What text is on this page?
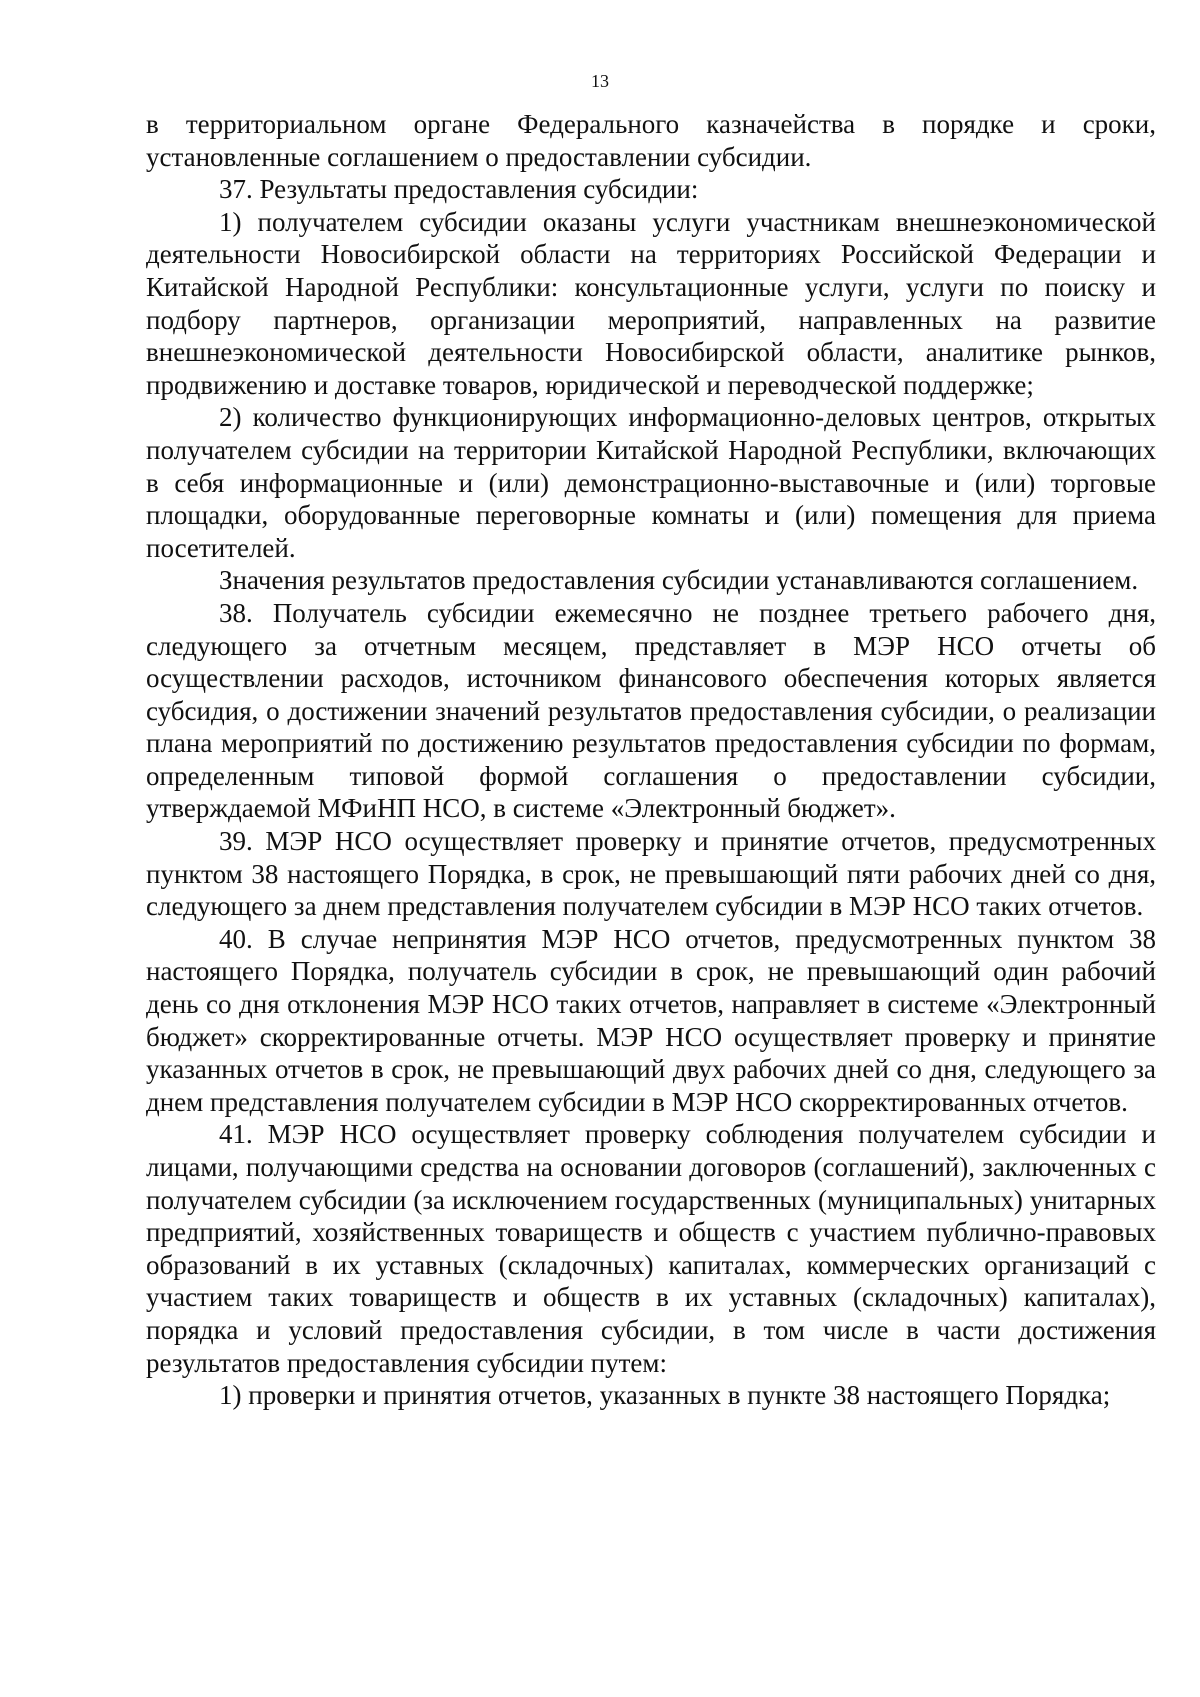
13

в территориальном органе Федерального казначейства в порядке и сроки, установленные соглашением о предоставлении субсидии.

37. Результаты предоставления субсидии:

1) получателем субсидии оказаны услуги участникам внешнеэкономической деятельности Новосибирской области на территориях Российской Федерации и Китайской Народной Республики: консультационные услуги, услуги по поиску и подбору партнеров, организации мероприятий, направленных на развитие внешнеэкономической деятельности Новосибирской области, аналитике рынков, продвижению и доставке товаров, юридической и переводческой поддержке;

2) количество функционирующих информационно-деловых центров, открытых получателем субсидии на территории Китайской Народной Республики, включающих в себя информационные и (или) демонстрационно-выставочные и (или) торговые площадки, оборудованные переговорные комнаты и (или) помещения для приема посетителей.

Значения результатов предоставления субсидии устанавливаются соглашением.

38. Получатель субсидии ежемесячно не позднее третьего рабочего дня, следующего за отчетным месяцем, представляет в МЭР НСО отчеты об осуществлении расходов, источником финансового обеспечения которых является субсидия, о достижении значений результатов предоставления субсидии, о реализации плана мероприятий по достижению результатов предоставления субсидии по формам, определенным типовой формой соглашения о предоставлении субсидии, утверждаемой МФиНП НСО, в системе «Электронный бюджет».

39. МЭР НСО осуществляет проверку и принятие отчетов, предусмотренных пунктом 38 настоящего Порядка, в срок, не превышающий пяти рабочих дней со дня, следующего за днем представления получателем субсидии в МЭР НСО таких отчетов.

40. В случае непринятия МЭР НСО отчетов, предусмотренных пунктом 38 настоящего Порядка, получатель субсидии в срок, не превышающий один рабочий день со дня отклонения МЭР НСО таких отчетов, направляет в системе «Электронный бюджет» скорректированные отчеты. МЭР НСО осуществляет проверку и принятие указанных отчетов в срок, не превышающий двух рабочих дней со дня, следующего за днем представления получателем субсидии в МЭР НСО скорректированных отчетов.

41. МЭР НСО осуществляет проверку соблюдения получателем субсидии и лицами, получающими средства на основании договоров (соглашений), заключенных с получателем субсидии (за исключением государственных (муниципальных) унитарных предприятий, хозяйственных товариществ и обществ с участием публично-правовых образований в их уставных (складочных) капиталах, коммерческих организаций с участием таких товариществ и обществ в их уставных (складочных) капиталах), порядка и условий предоставления субсидии, в том числе в части достижения результатов предоставления субсидии путем:

1) проверки и принятия отчетов, указанных в пункте 38 настоящего Порядка;
